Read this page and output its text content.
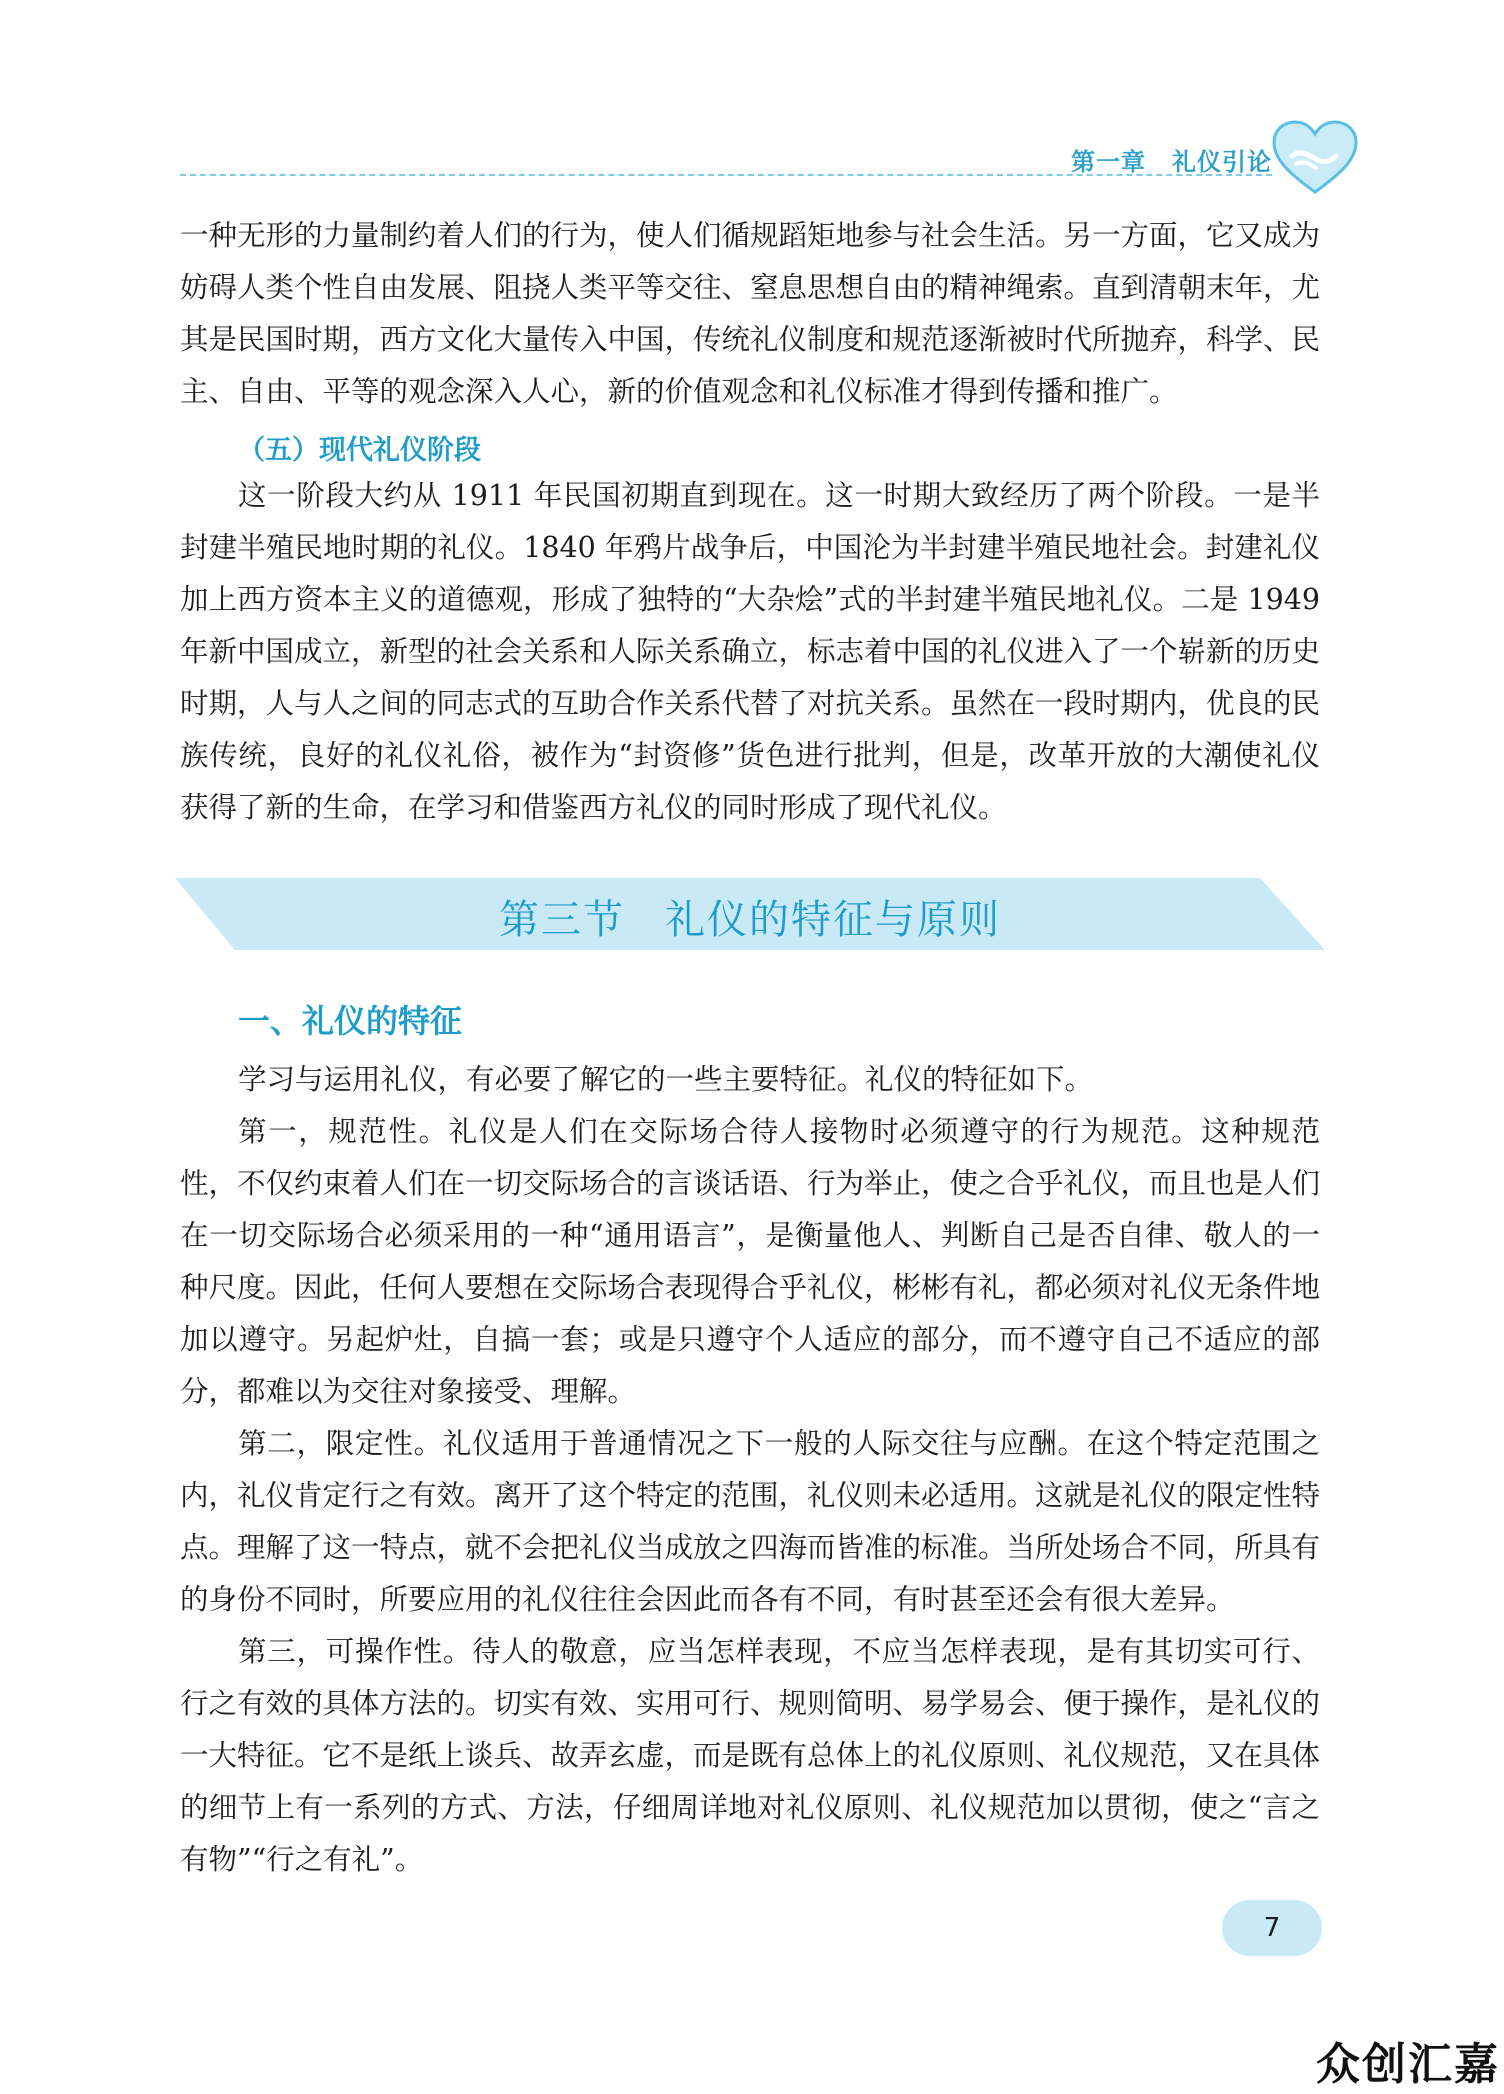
第一章 礼仪引论

一种无形的力量制约着人们的行为，使人们循规蹈矩地参与社会生活。另一方面，它又成为妨碍人类个性自由发展、阻挠人类平等交往、窒息思想自由的精神绳索。直到清朝末年，尤其是民国时期，西方文化大量传入中国，传统礼仪制度和规范逐渐被时代所抛弃，科学、民主、自由、平等的观念深入人心，新的价值观念和礼仪标准才得到传播和推广。

（五）现代礼仪阶段

这一阶段大约从 1911 年民国初期直到现在。这一时期大致经历了两个阶段。一是半封建半殖民地时期的礼仪。1840 年鸦片战争后，中国沦为半封建半殖民地社会。封建礼仪加上西方资本主义的道德观，形成了独特的“大杂烩”式的半封建半殖民地礼仪。二是 1949 年新中国成立，新型的社会关系和人际关系确立，标志着中国的礼仪进入了一个崭新的历史时期，人与人之间的同志式的互助合作关系代替了对抗关系。虽然在一段时期内，优良的民族传统，良好的礼仪礼俗，被作为“封资修”货色进行批判，但是，改革开放的大潮使礼仪获得了新的生命，在学习和借鉴西方礼仪的同时形成了现代礼仪。

第三节 礼仪的特征与原则

一、礼仪的特征

学习与运用礼仪，有必要了解它的一些主要特征。礼仪的特征如下。

第一，规范性。礼仪是人们在交际场合待人接物时必须遵守的行为规范。这种规范性，不仅约束着人们在一切交际场合的言谈话语、行为举止，使之合乎礼仪，而且也是人们在一切交际场合必须采用的一种“通用语言”，是衡量他人、判断自己是否自律、敬人的一种尺度。因此，任何人要想在交际场合表现得合乎礼仪，彬彬有礼，都必须对礼仪无条件地加以遵守。另起炉灶，自搞一套；或是只遵守个人适应的部分，而不遵守自己不适应的部分，都难以为交往对象接受、理解。

第二，限定性。礼仪适用于普通情况之下一般的人际交往与应酬。在这个特定范围之内，礼仪肯定行之有效。离开了这个特定的范围，礼仪则未必适用。这就是礼仪的限定性特点。理解了这一特点，就不会把礼仪当成放之四海而皆准的标准。当所处场合不同，所具有的身份不同时，所要应用的礼仪往往会因此而各有不同，有时甚至还会有很大差异。

第三，可操作性。待人的敬意，应当怎样表现，不应当怎样表现，是有其切实可行、行之有效的具体方法的。切实有效、实用可行、规则简明、易学易会、便于操作，是礼仪的一大特征。它不是纸上谈兵、故弄玄虚，而是既有总体上的礼仪原则、礼仪规范，又在具体的细节上有一系列的方式、方法，仔细周详地对礼仪原则、礼仪规范加以贯彻，使之“言之有物”“行之有礼”。

7
众创汇嘉
